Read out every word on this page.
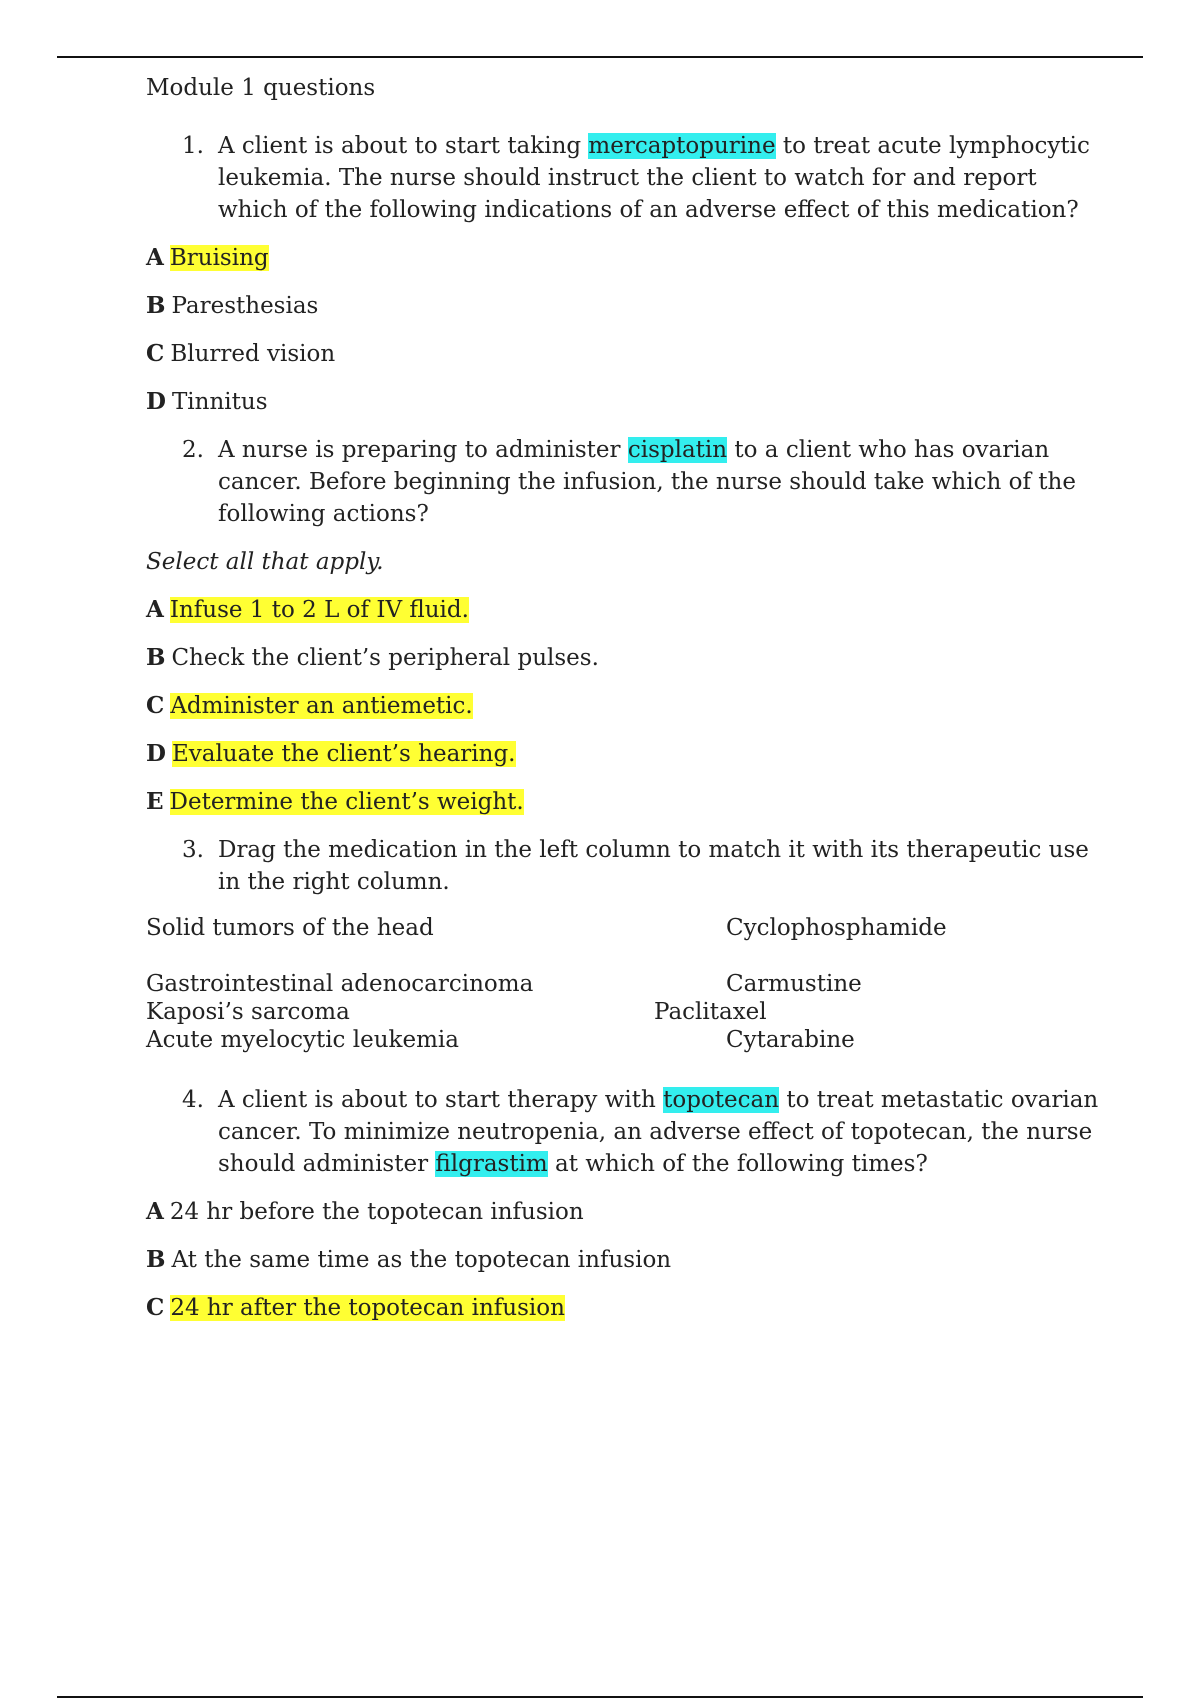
Module 1 questions
1. A client is about to start taking mercaptopurine to treat acute lymphocytic leukemia. The nurse should instruct the client to watch for and report which of the following indications of an adverse effect of this medication?
A Bruising
B Paresthesias
C Blurred vision
D Tinnitus
2. A nurse is preparing to administer cisplatin to a client who has ovarian cancer. Before beginning the infusion, the nurse should take which of the following actions?
Select all that apply.
A Infuse 1 to 2 L of IV fluid.
B Check the client’s peripheral pulses.
C Administer an antiemetic.
D Evaluate the client’s hearing.
E Determine the client’s weight.
3. Drag the medication in the left column to match it with its therapeutic use in the right column.
Solid tumors of the head	Cyclophosphamide
Gastrointestinal adenocarcinoma	Carmustine
Kaposi’s sarcoma	Paclitaxel
Acute myelocytic leukemia	Cytarabine
4. A client is about to start therapy with topotecan to treat metastatic ovarian cancer. To minimize neutropenia, an adverse effect of topotecan, the nurse should administer filgrastim at which of the following times?
A 24 hr before the topotecan infusion
B At the same time as the topotecan infusion
C 24 hr after the topotecan infusion
